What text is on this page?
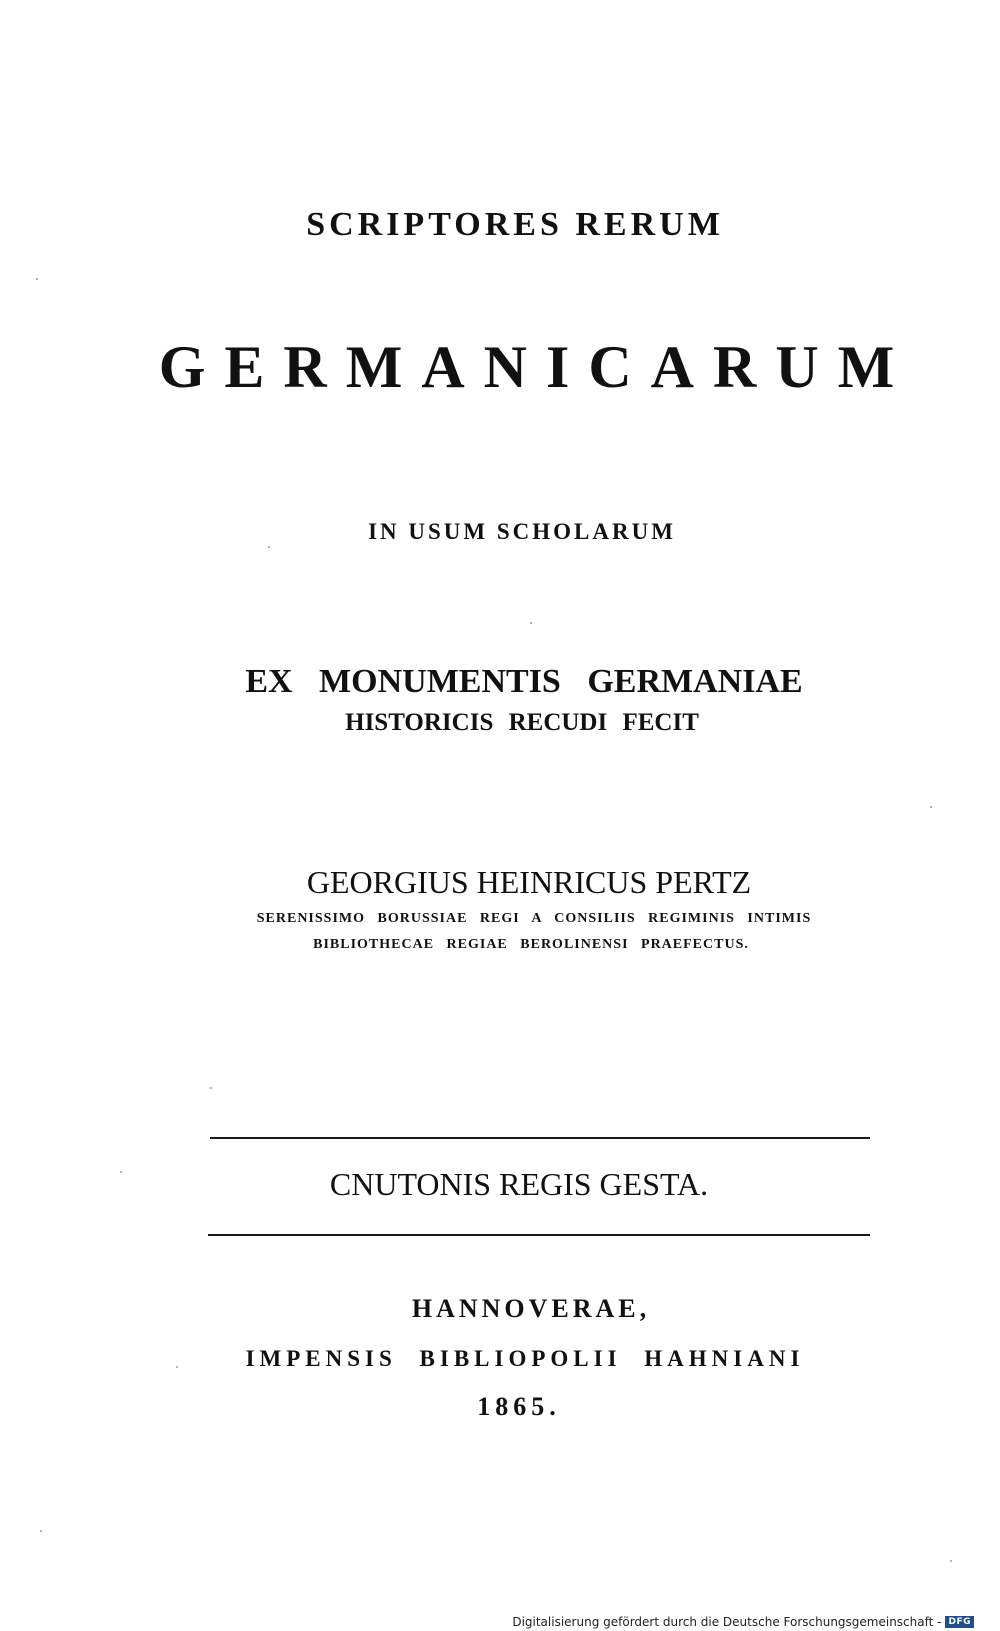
SCRIPTORES RERUM
GERMANICARUM
IN USUM SCHOLARUM
EX MONUMENTIS GERMANIAE
HISTORICIS RECUDI FECIT
GEORGIUS HEINRICUS PERTZ
SERENISSIMO BORUSSIAE REGI A CONSILIIS REGIMINIS INTIMIS
BIBLIOTHECAE REGIAE BEROLINENSI PRAEFECTUS.
CNUTONIS REGIS GESTA.
HANNOVERAE,
IMPENSIS BIBLIOPOLII HAHNIANI
1865.
Digitalisierung gefördert durch die Deutsche Forschungsgemeinschaft - DFG
